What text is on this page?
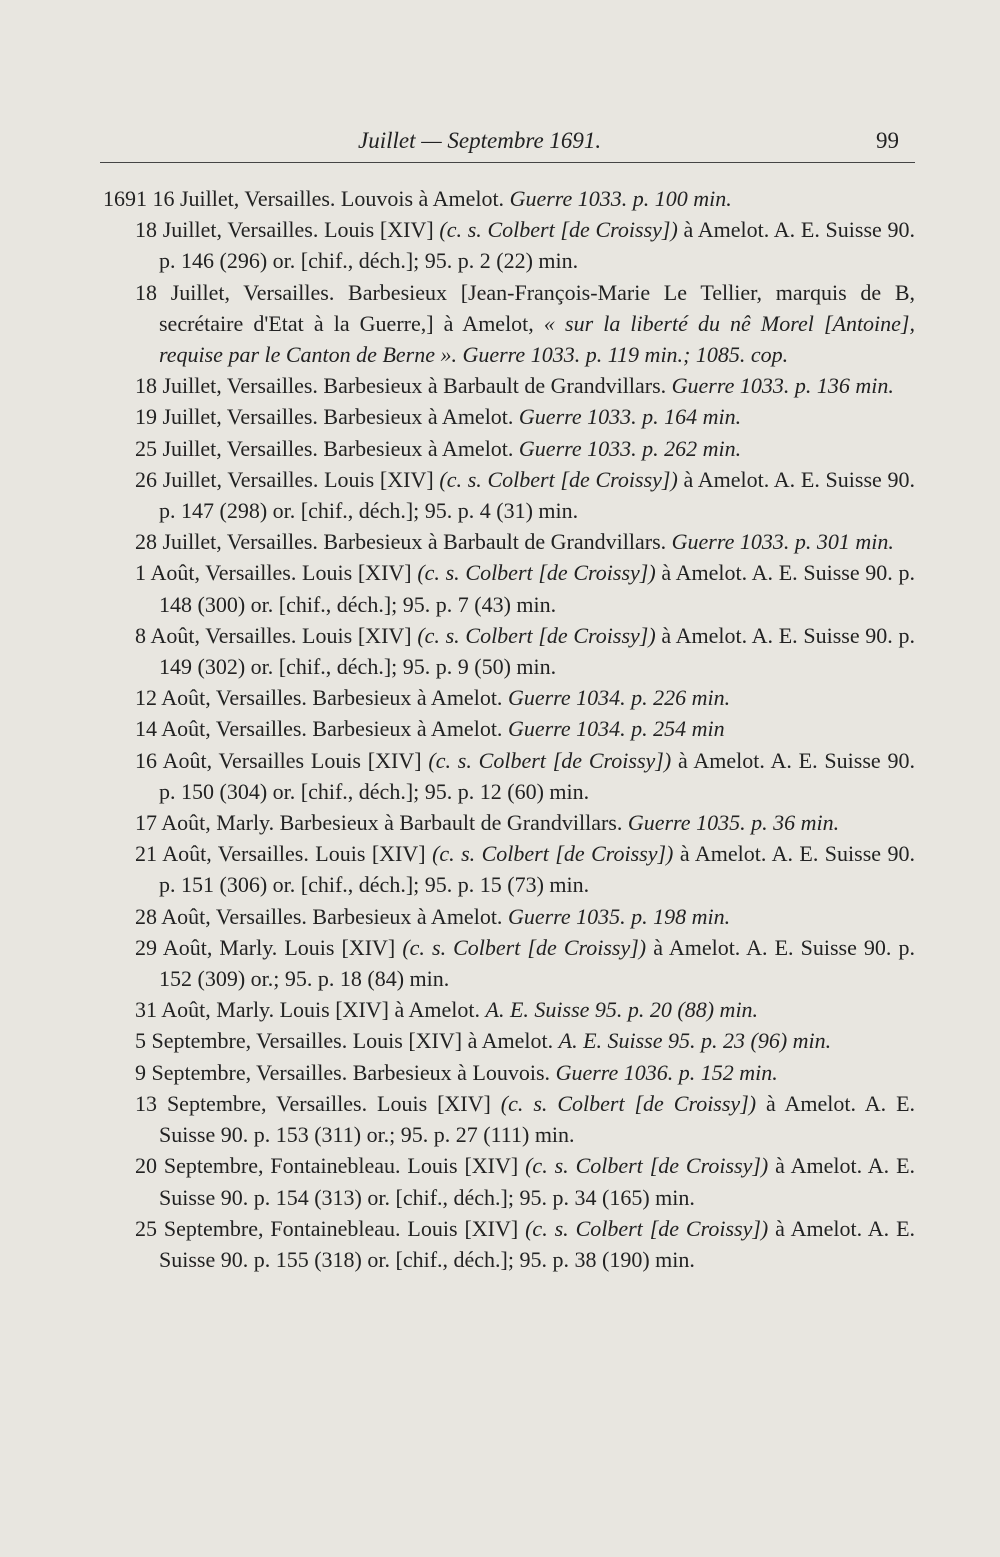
Juillet — Septembre 1691.	99
1691 16 Juillet, Versailles. Louvois à Amelot. Guerre 1033. p. 100 min.
18 Juillet, Versailles. Louis [XIV] (c. s. Colbert [de Croissy]) à Amelot. A. E. Suisse 90. p. 146 (296) or. [chif., déch.]; 95. p. 2 (22) min.
18 Juillet, Versailles. Barbesieux [Jean-François-Marie Le Tellier, marquis de B, secrétaire d'Etat à la Guerre,] à Amelot, « sur la liberté du nê Morel [Antoine], requise par le Canton de Berne ». Guerre 1033. p. 119 min.; 1085. cop.
18 Juillet, Versailles. Barbesieux à Barbault de Grandvillars. Guerre 1033. p. 136 min.
19 Juillet, Versailles. Barbesieux à Amelot. Guerre 1033. p. 164 min.
25 Juillet, Versailles. Barbesieux à Amelot. Guerre 1033. p. 262 min.
26 Juillet, Versailles. Louis [XIV] (c. s. Colbert [de Croissy]) à Amelot. A. E. Suisse 90. p. 147 (298) or. [chif., déch.]; 95. p. 4 (31) min.
28 Juillet, Versailles. Barbesieux à Barbault de Grandvillars. Guerre 1033. p. 301 min.
1 Août, Versailles. Louis [XIV] (c. s. Colbert [de Croissy]) à Amelot. A. E. Suisse 90. p. 148 (300) or. [chif., déch.]; 95. p. 7 (43) min.
8 Août, Versailles. Louis [XIV] (c. s. Colbert [de Croissy]) à Amelot. A. E. Suisse 90. p. 149 (302) or. [chif., déch.]; 95. p. 9 (50) min.
12 Août, Versailles. Barbesieux à Amelot. Guerre 1034. p. 226 min.
14 Août, Versailles. Barbesieux à Amelot. Guerre 1034. p. 254 min
16 Août, Versailles Louis [XIV] (c. s. Colbert [de Croissy]) à Amelot. A. E. Suisse 90. p. 150 (304) or. [chif., déch.]; 95. p. 12 (60) min.
17 Août, Marly. Barbesieux à Barbault de Grandvillars. Guerre 1035. p. 36 min.
21 Août, Versailles. Louis [XIV] (c. s. Colbert [de Croissy]) à Amelot. A. E. Suisse 90. p. 151 (306) or. [chif., déch.]; 95. p. 15 (73) min.
28 Août, Versailles. Barbesieux à Amelot. Guerre 1035. p. 198 min.
29 Août, Marly. Louis [XIV] (c. s. Colbert [de Croissy]) à Amelot. A. E. Suisse 90. p. 152 (309) or.; 95. p. 18 (84) min.
31 Août, Marly. Louis [XIV] à Amelot. A. E. Suisse 95. p. 20 (88) min.
5 Septembre, Versailles. Louis [XIV] à Amelot. A. E. Suisse 95. p. 23 (96) min.
9 Septembre, Versailles. Barbesieux à Louvois. Guerre 1036. p. 152 min.
13 Septembre, Versailles. Louis [XIV] (c. s. Colbert [de Croissy]) à Amelot. A. E. Suisse 90. p. 153 (311) or.; 95. p. 27 (111) min.
20 Septembre, Fontainebleau. Louis [XIV] (c. s. Colbert [de Croissy]) à Amelot. A. E. Suisse 90. p. 154 (313) or. [chif., déch.]; 95. p. 34 (165) min.
25 Septembre, Fontainebleau. Louis [XIV] (c. s. Colbert [de Croissy]) à Amelot. A. E. Suisse 90. p. 155 (318) or. [chif., déch.]; 95. p. 38 (190) min.
